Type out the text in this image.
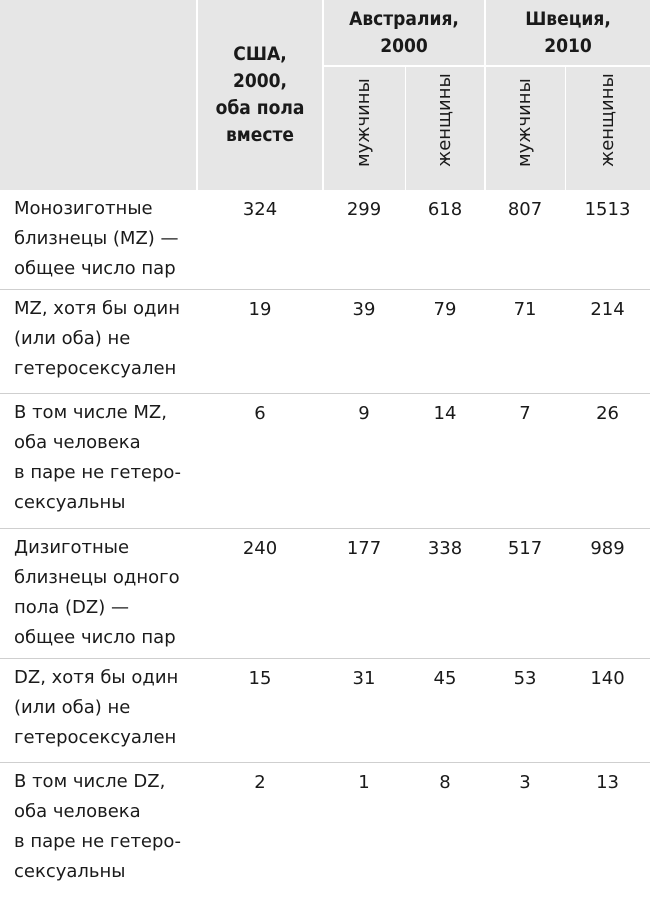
	США,
2000,
оба пола
вместе	Австралия,
2000		Швеция,
2010	

		мужчины	женщины	мужчины	женщины

Монозиготные
близнецы (MZ) —
общее число пар	324	299	618	807	1513

MZ, хотя бы один
(или оба) не
гетеросексуален	19	39	79	71	214

В том числе MZ,
оба человека
в паре не гетеро-
сексуальны	6	9	14	7	26

Дизиготные
близнецы одного
пола (DZ) —
общее число пар	240	177	338	517	989

DZ, хотя бы один
(или оба) не
гетеросексуален	15	31	45	53	140

В том числе DZ,
оба человека
в паре не гетеро-
сексуальны	2	1	8	3	13
